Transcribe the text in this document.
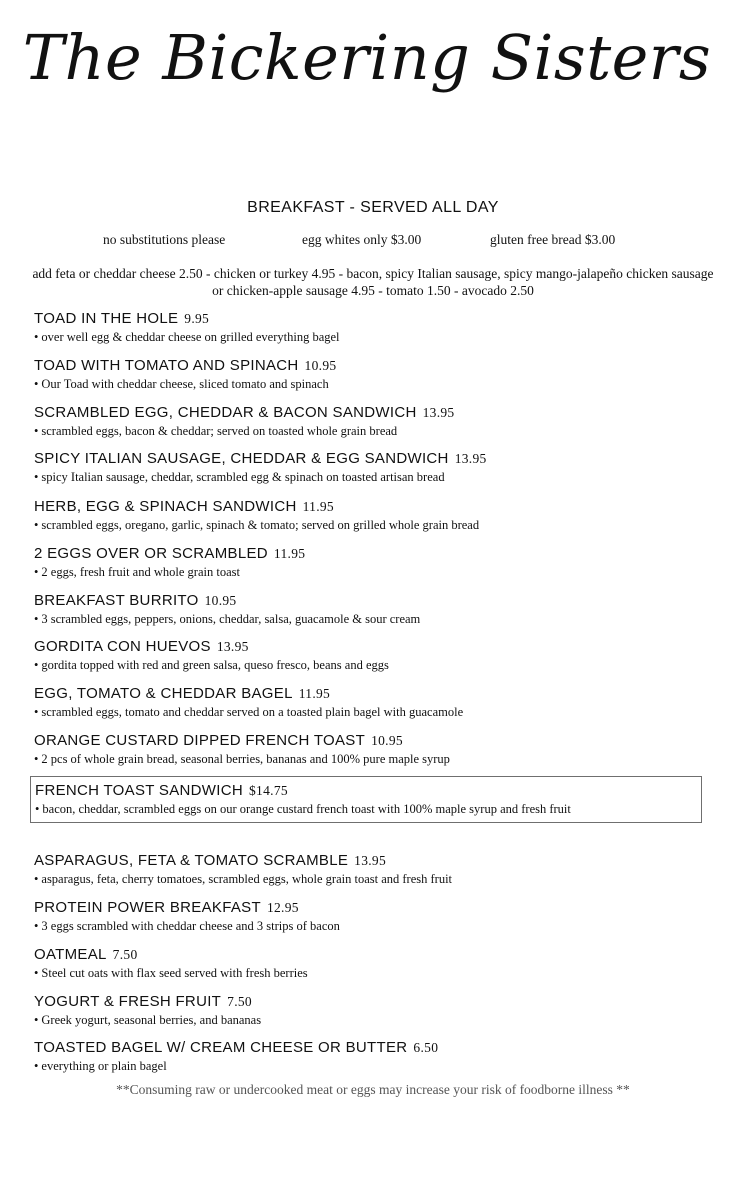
The Bickering Sisters
BREAKFAST - SERVED ALL DAY
no substitutions please	egg whites only $3.00	gluten free bread $3.00
add feta or cheddar cheese 2.50 - chicken or turkey 4.95 - bacon, spicy Italian sausage, spicy mango-jalapeño chicken sausage or chicken-apple sausage 4.95 - tomato 1.50 - avocado 2.50
TOAD IN THE HOLE 9.95
• over well egg & cheddar cheese on grilled everything bagel
TOAD WITH TOMATO AND SPINACH 10.95
• Our Toad with cheddar cheese, sliced tomato and spinach
SCRAMBLED EGG, CHEDDAR & BACON SANDWICH 13.95
• scrambled eggs, bacon & cheddar; served on toasted whole grain bread
SPICY ITALIAN SAUSAGE, CHEDDAR & EGG SANDWICH 13.95
• spicy Italian sausage, cheddar, scrambled egg & spinach on toasted artisan bread
HERB, EGG & SPINACH SANDWICH 11.95
• scrambled eggs, oregano, garlic, spinach & tomato; served on grilled whole grain bread
2 EGGS OVER OR SCRAMBLED 11.95
• 2 eggs, fresh fruit and whole grain toast
BREAKFAST BURRITO 10.95
• 3 scrambled eggs, peppers, onions, cheddar, salsa, guacamole & sour cream
GORDITA CON HUEVOS 13.95
• gordita topped with red and green salsa, queso fresco, beans and eggs
EGG, TOMATO & CHEDDAR BAGEL 11.95
• scrambled eggs, tomato and cheddar served on a toasted plain bagel with guacamole
ORANGE CUSTARD DIPPED FRENCH TOAST 10.95
• 2 pcs of whole grain bread, seasonal berries, bananas and 100% pure maple syrup
FRENCH TOAST SANDWICH $14.75
• bacon, cheddar, scrambled eggs on our orange custard french toast with 100% maple syrup and fresh fruit
ASPARAGUS, FETA & TOMATO SCRAMBLE 13.95
• asparagus, feta, cherry tomatoes, scrambled eggs, whole grain toast and fresh fruit
PROTEIN POWER BREAKFAST 12.95
• 3 eggs scrambled with cheddar cheese and 3 strips of bacon
OATMEAL 7.50
• Steel cut oats with flax seed served with fresh berries
YOGURT & FRESH FRUIT 7.50
• Greek yogurt, seasonal berries, and bananas
TOASTED BAGEL W/ CREAM CHEESE OR BUTTER 6.50
• everything or plain bagel
**Consuming raw or undercooked meat or eggs may increase your risk of foodborne illness **
